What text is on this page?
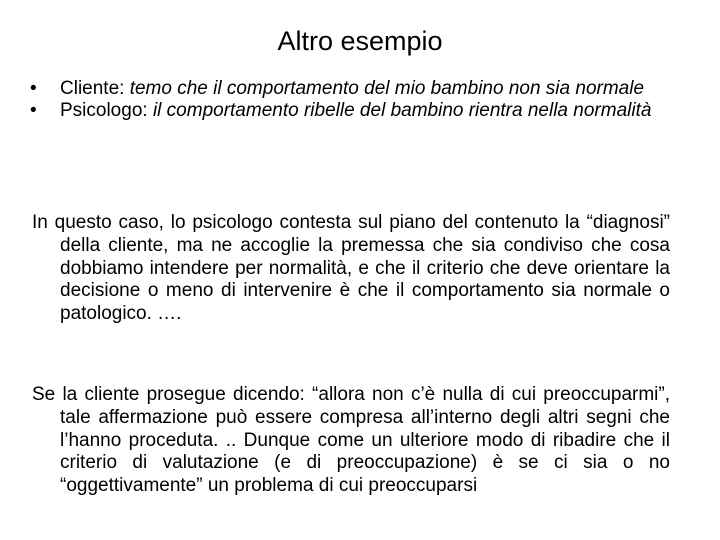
Altro esempio
•	Cliente: temo che il comportamento del mio bambino non sia normale
•	Psicologo: il comportamento ribelle del bambino rientra nella normalità

In questo caso, lo psicologo contesta sul piano del contenuto la “diagnosi” della cliente, ma ne accoglie la premessa che sia condiviso che cosa dobbiamo intendere per normalità, e che il criterio che deve orientare la decisione o meno di intervenire è che il comportamento sia normale o patologico. ….

Se la cliente prosegue dicendo: “allora non c’è nulla di cui preoccuparmi”, tale affermazione può essere compresa all’interno degli altri segni che l’hanno proceduta. .. Dunque come un ulteriore modo di ribadire che il criterio di valutazione (e di preoccupazione) è se ci sia o no “oggettivamente” un problema di cui preoccuparsi
